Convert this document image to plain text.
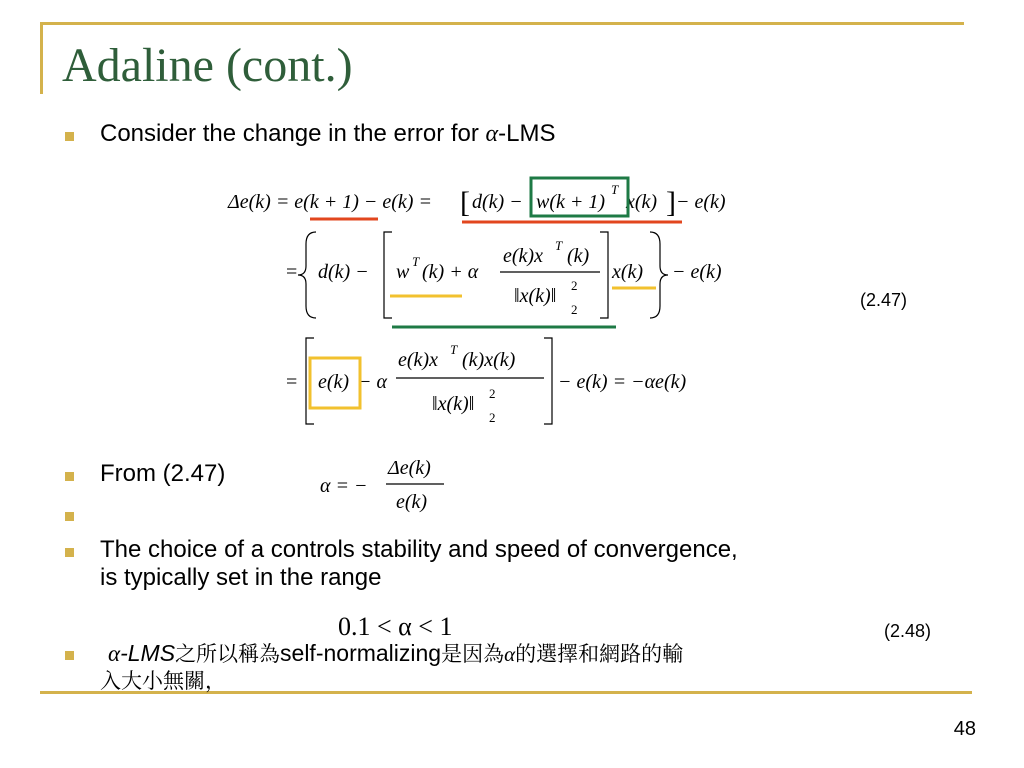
Adaline (cont.)
Consider the change in the error for α-LMS
Δe(k) = e(k + 1) − e(k) = [ d(k) − w(k + 1)
T
x(k) ] − e(k)
= d(k) − w T (k) + α
e(k)x T (k)
‖x(k)‖ 2
2
x(k) − e(k)
= e(k) − α
e(k)x T (k)x(k)
‖x(k)‖ 2
2
− e(k) = −αe(k)
(2.47)
From (2.47)	α = −
Δe(k)
e(k)
The choice of a controls stability and speed of convergence,
is typically set in the range
0.1 < α < 1	(2.48)
α-LMS之所以稱為self-normalizing是因為α的選擇和網路的輸
入大小無關，
48
